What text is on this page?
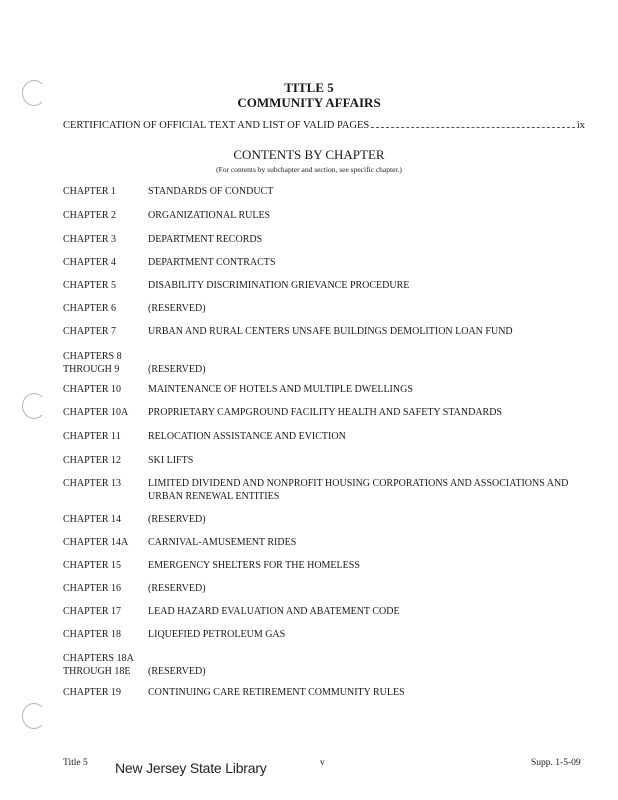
TITLE 5
COMMUNITY AFFAIRS
CERTIFICATION OF OFFICIAL TEXT AND LIST OF VALID PAGES	ix
CONTENTS BY CHAPTER
(For contents by subchapter and section, see specific chapter.)
CHAPTER 1	STANDARDS OF CONDUCT
CHAPTER 2	ORGANIZATIONAL RULES
CHAPTER 3	DEPARTMENT RECORDS
CHAPTER 4	DEPARTMENT CONTRACTS
CHAPTER 5	DISABILITY DISCRIMINATION GRIEVANCE PROCEDURE
CHAPTER 6	(RESERVED)
CHAPTER 7	URBAN AND RURAL CENTERS UNSAFE BUILDINGS DEMOLITION LOAN FUND
CHAPTERS 8
THROUGH 9	(RESERVED)
CHAPTER 10	MAINTENANCE OF HOTELS AND MULTIPLE DWELLINGS
CHAPTER 10A	PROPRIETARY CAMPGROUND FACILITY HEALTH AND SAFETY STANDARDS
CHAPTER 11	RELOCATION ASSISTANCE AND EVICTION
CHAPTER 12	SKI LIFTS
CHAPTER 13	LIMITED DIVIDEND AND NONPROFIT HOUSING CORPORATIONS AND ASSOCIATIONS AND URBAN RENEWAL ENTITIES
CHAPTER 14	(RESERVED)
CHAPTER 14A	CARNIVAL-AMUSEMENT RIDES
CHAPTER 15	EMERGENCY SHELTERS FOR THE HOMELESS
CHAPTER 16	(RESERVED)
CHAPTER 17	LEAD HAZARD EVALUATION AND ABATEMENT CODE
CHAPTER 18	LIQUEFIED PETROLEUM GAS
CHAPTERS 18A
THROUGH 18E	(RESERVED)
CHAPTER 19	CONTINUING CARE RETIREMENT COMMUNITY RULES
Title 5 New Jersey State Library	v	Supp. 1-5-09
